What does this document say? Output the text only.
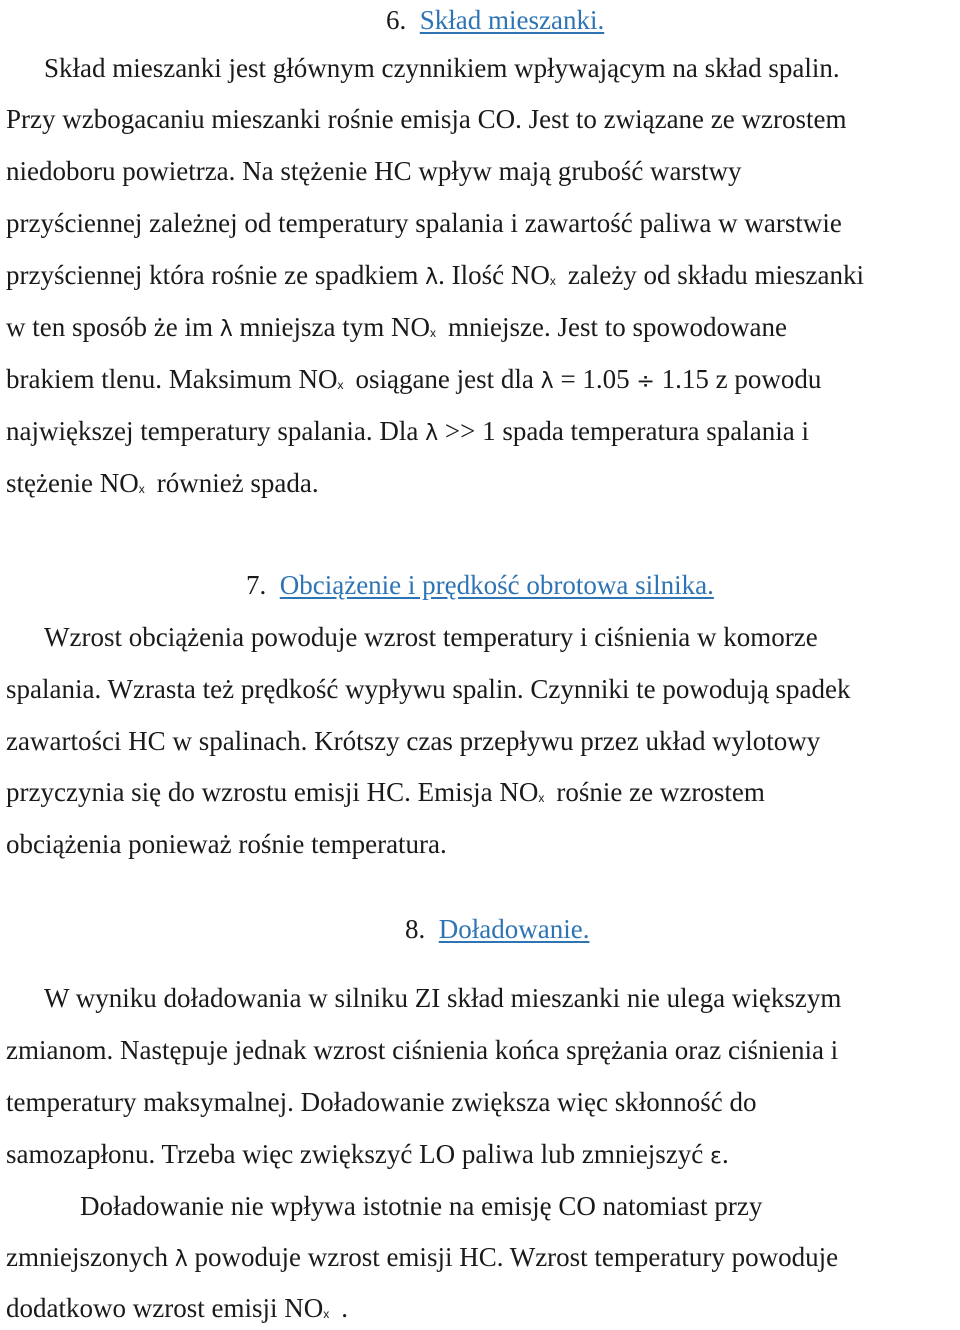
6. Skład mieszanki.
Skład mieszanki jest głównym czynnikiem wpływającym na skład spalin.
Przy wzbogacaniu mieszanki rośnie emisja CO. Jest to związane ze wzrostem
niedoboru powietrza. Na stężenie HC wpływ mają grubość warstwy
przyściennej zależnej od temperatury spalania i zawartość paliwa w warstwie
przyściennej która rośnie ze spadkiem λ. Ilość NOx zależy od składu mieszanki
w ten sposób że im λ mniejsza tym NOx mniejsze. Jest to spowodowane
brakiem tlenu. Maksimum NOx osiągane jest dla λ = 1.05 ÷ 1.15 z powodu
największej temperatury spalania. Dla λ >> 1 spada temperatura spalania i
stężenie NOx również spada.
7. Obciążenie i prędkość obrotowa silnika.
Wzrost obciążenia powoduje wzrost temperatury i ciśnienia w komorze
spalania. Wzrasta też prędkość wypływu spalin. Czynniki te powodują spadek
zawartości HC w spalinach. Krótszy czas przepływu przez układ wylotowy
przyczynia się do wzrostu emisji HC. Emisja NOx rośnie ze wzrostem
obciążenia ponieważ rośnie temperatura.
8. Doładowanie.
W wyniku doładowania w silniku ZI skład mieszanki nie ulega większym
zmianom. Następuje jednak wzrost ciśnienia końca sprężania oraz ciśnienia i
temperatury maksymalnej. Doładowanie zwiększa więc skłonność do
samozapłonu. Trzeba więc zwiększyć LO paliwa lub zmniejszyć ε.
Doładowanie nie wpływa istotnie na emisję CO natomiast przy
zmniejszonych λ powoduje wzrost emisji HC. Wzrost temperatury powoduje
dodatkowo wzrost emisji NOx .
